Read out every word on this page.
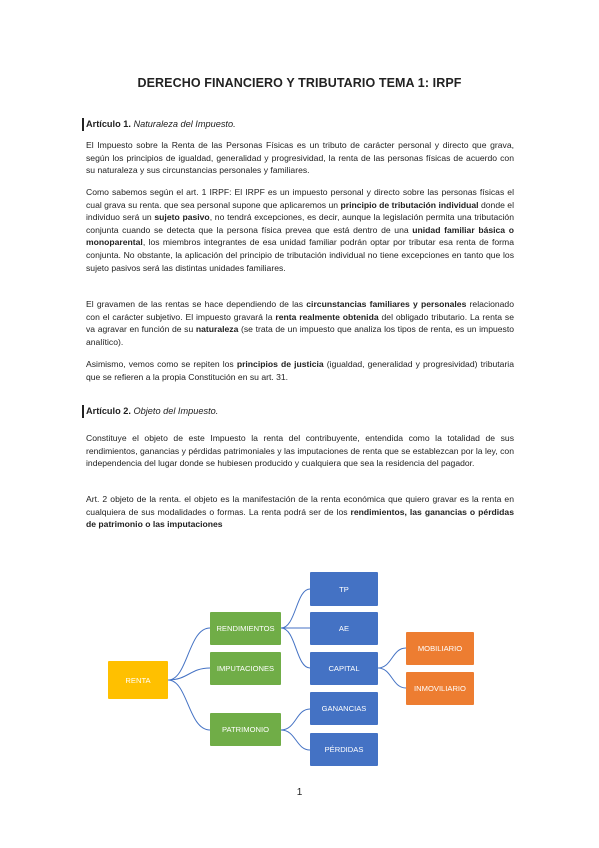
DERECHO FINANCIERO Y TRIBUTARIO TEMA 1: IRPF
Artículo 1. Naturaleza del Impuesto.
El Impuesto sobre la Renta de las Personas Físicas es un tributo de carácter personal y directo que grava, según los principios de igualdad, generalidad y progresividad, la renta de las personas físicas de acuerdo con su naturaleza y sus circunstancias personales y familiares.
Como sabemos según el art. 1 IRPF: El IRPF es un impuesto personal y directo sobre las personas físicas el cual grava su renta. que sea personal supone que aplicaremos un principio de tributación individual donde el individuo será un sujeto pasivo, no tendrá excepciones, es decir, aunque la legislación permita una tributación conjunta cuando se detecta que la persona física preveа que está dentro de una unidad familiar básica o monoparental, los miembros integrantes de esa unidad familiar podrán optar por tributar esa renta de forma conjunta. No obstante, la aplicación del principio de tributación individual no tiene excepciones en tanto que los sujeto pasivos será las distintas unidades familiares.
El gravamen de las rentas se hace dependiendo de las circunstancias familiares y personales relacionado con el carácter subjetivo. El impuesto gravará la renta realmente obtenida del obligado tributario. La renta se va agravar en función de su naturaleza (se trata de un impuesto que analiza los tipos de renta, es un impuesto analítico).
Asimismo, vemos como se repiten los principios de justicia (igualdad, generalidad y progresividad) tributaria que se refieren a la propia Constitución en su art. 31.
Artículo 2. Objeto del Impuesto.
Constituye el objeto de este Impuesto la renta del contribuyente, entendida como la totalidad de sus rendimientos, ganancias y pérdidas patrimoniales y las imputaciones de renta que se establezcan por la ley, con independencia del lugar donde se hubiesen producido y cualquiera que sea la residencia del pagador.
Art. 2 objeto de la renta. el objeto es la manifestación de la renta económica que quiero gravar es la renta en cualquiera de sus modalidades o formas. La renta podrá ser de los rendimientos, las ganancias o pérdidas de patrimonio o las imputaciones
RENTA
RENDIMIENTOS
IMPUTACIONES
PATRIMONIO
TP
AE
CAPITAL
GANANCIAS
PÉRDIDAS
MOBILIARIO
INMOVILIARIO
1
